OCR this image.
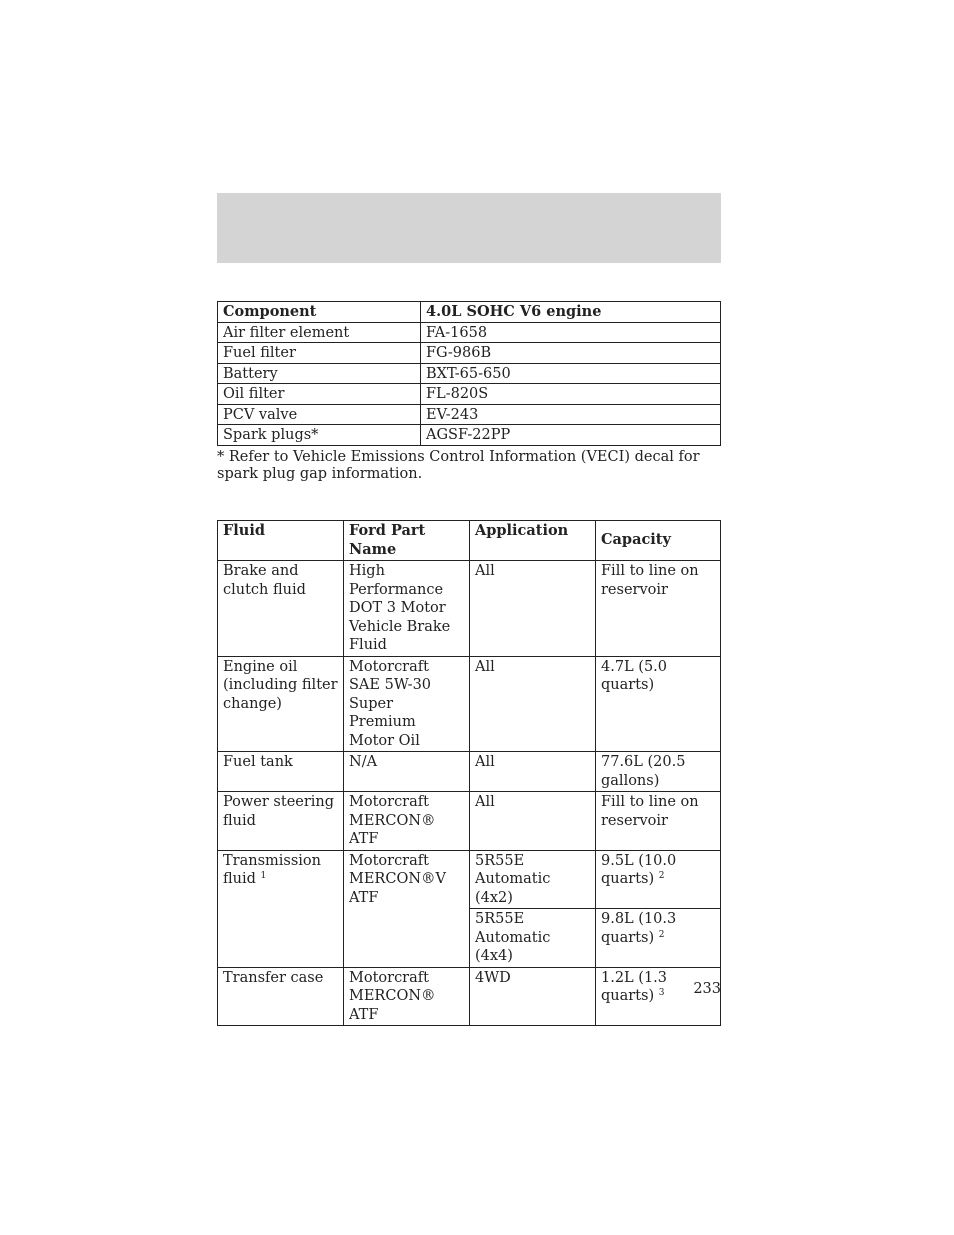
Component	4.0L SOHC V6 engine
Air filter element	FA-1658
Fuel filter	FG-986B
Battery	BXT-65-650
Oil filter	FL-820S
PCV valve	EV-243
Spark plugs*	AGSF-22PP
* Refer to Vehicle Emissions Control Information (VECI) decal for spark plug gap information.
Fluid	Ford Part Name	Application	Capacity
Brake and clutch fluid	High Performance DOT 3 Motor Vehicle Brake Fluid	All	Fill to line on reservoir
Engine oil (including filter change)	Motorcraft SAE 5W-30 Super Premium Motor Oil	All	4.7L (5.0 quarts)
Fuel tank	N/A	All	77.6L (20.5 gallons)
Power steering fluid	Motorcraft MERCON® ATF	All	Fill to line on reservoir
Transmission fluid $^1$	Motorcraft MERCON®V ATF	5R55E Automatic (4x2)	9.5L (10.0 quarts) $^2$
		5R55E Automatic (4x4)	9.8L (10.3 quarts) $^2$
Transfer case	Motorcraft MERCON® ATF	4WD	1.2L (1.3 quarts) $^3$	233
